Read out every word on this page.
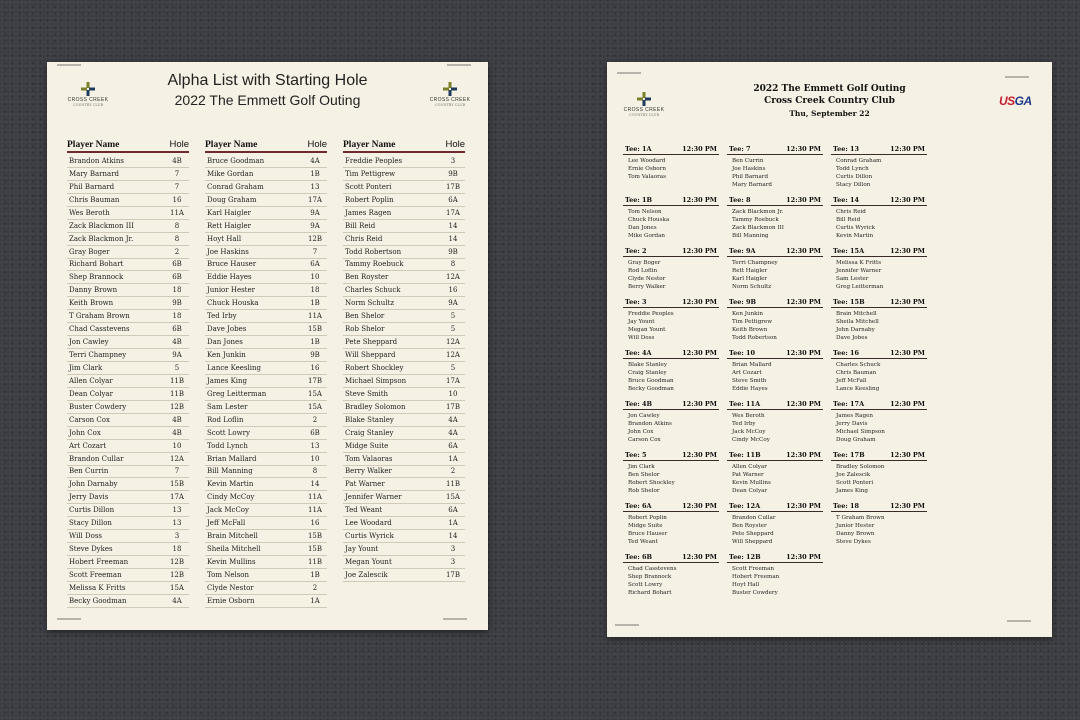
CROSS CREEK
COUNTRY CLUB
CROSS CREEK
COUNTRY CLUB
Alpha List with Starting Hole
2022 The Emmett Golf Outing
Player Name	Hole
Brandon Atkins	4B
Mary Barnard	7
Phil Barnard	7
Chris Bauman	16
Wes Beroth	11A
Zack Blackmon III	8
Zack Blackmon Jr.	8
Gray Boger	2
Richard Bohart	6B
Shep Brannock	6B
Danny Brown	18
Keith Brown	9B
T Graham Brown	18
Chad Casstevens	6B
Jon Cawley	4B
Terri Champney	9A
Jim Clark	5
Allen Colyar	11B
Dean Colyar	11B
Buster Cowdery	12B
Carson Cox	4B
John Cox	4B
Art Cozart	10
Brandon Cullar	12A
Ben Currin	7
John Darnaby	15B
Jerry Davis	17A
Curtis Dillon	13
Stacy Dillon	13
Will Doss	3
Steve Dykes	18
Hobert Freeman	12B
Scott Freeman	12B
Melissa K Fritts	15A
Becky Goodman	4A
Player Name	Hole
Bruce Goodman	4A
Mike Gordan	1B
Conrad Graham	13
Doug Graham	17A
Karl Haigler	9A
Rett Haigler	9A
Hoyt Hall	12B
Joe Haskins	7
Bruce Hauser	6A
Eddie Hayes	10
Junior Hester	18
Chuck Houska	1B
Ted Irby	11A
Dave Jobes	15B
Dan Jones	1B
Ken Junkin	9B
Lance Keesling	16
James King	17B
Greg Leitterman	15A
Sam Lester	15A
Rod Loflin	2
Scott Lowry	6B
Todd Lynch	13
Brian Mallard	10
Bill Manning	8
Kevin Martin	14
Cindy McCoy	11A
Jack McCoy	11A
Jeff McFall	16
Brain Mitchell	15B
Sheila Mitchell	15B
Kevin Mullins	11B
Tom Nelson	1B
Clyde Nestor	2
Ernie Osborn	1A
Player Name	Hole
Freddie Peoples	3
Tim Pettigrew	9B
Scott Ponteri	17B
Robert Poplin	6A
James Ragen	17A
Bill Reid	14
Chris Reid	14
Todd Robertson	9B
Tammy Roebuck	8
Ben Royster	12A
Charles Schuck	16
Norm Schultz	9A
Ben Shelor	5
Rob Shelor	5
Pete Sheppard	12A
Will Sheppard	12A
Robert Shockley	5
Michael Simpson	17A
Steve Smith	10
Bradley Solomon	17B
Blake Stanley	4A
Craig Stanley	4A
Midge Suite	6A
Tom Valaoras	1A
Berry Walker	2
Pat Warner	11B
Jennifer Warner	15A
Ted Weant	6A
Lee Woodard	1A
Curtis Wyrick	14
Jay Yount	3
Megan Yount	3
Joe Zalescik	17B
CROSS CREEK
COUNTRY CLUB
2022 The Emmett Golf Outing
Cross Creek Country Club
Thu, September 22
USGA
Tee: 1A	12:30 PM
Lee Woodard
Ernie Osborn
Tom Valaoras
Tee: 7	12:30 PM
Ben Currin
Joe Haskins
Phil Barnard
Mary Barnard
Tee: 13	12:30 PM
Conrad Graham
Todd Lynch
Curtis Dillon
Stacy Dillon
Tee: 1B	12:30 PM
Tom Nelson
Chuck Houska
Dan Jones
Mike Gordan
Tee: 8	12:30 PM
Zack Blackmon Jr.
Tammy Roebuck
Zack Blackmon III
Bill Manning
Tee: 14	12:30 PM
Chris Reid
Bill Reid
Curtis Wyrick
Kevin Martin
Tee: 2	12:30 PM
Gray Boger
Rod Loflin
Clyde Nestor
Berry Walker
Tee: 9A	12:30 PM
Terri Champney
Rett Haigler
Karl Haigler
Norm Schultz
Tee: 15A	12:30 PM
Melissa K Fritts
Jennifer Warner
Sam Lester
Greg Leitterman
Tee: 3	12:30 PM
Freddie Peoples
Jay Yount
Megan Yount
Will Doss
Tee: 9B	12:30 PM
Ken Junkin
Tim Pettigrew
Keith Brown
Todd Robertson
Tee: 15B	12:30 PM
Brain Mitchell
Sheila Mitchell
John Darnaby
Dave Jobes
Tee: 4A	12:30 PM
Blake Stanley
Craig Stanley
Bruce Goodman
Becky Goodman
Tee: 10	12:30 PM
Brian Mallard
Art Cozart
Steve Smith
Eddie Hayes
Tee: 16	12:30 PM
Charles Schuck
Chris Bauman
Jeff McFall
Lance Keesling
Tee: 4B	12:30 PM
Jon Cawley
Brandon Atkins
John Cox
Carson Cox
Tee: 11A	12:30 PM
Wes Beroth
Ted Irby
Jack McCoy
Cindy McCoy
Tee: 17A	12:30 PM
James Ragen
Jerry Davis
Michael Simpson
Doug Graham
Tee: 5	12:30 PM
Jim Clark
Ben Shelor
Robert Shockley
Rob Shelor
Tee: 11B	12:30 PM
Allen Colyar
Pat Warner
Kevin Mullins
Dean Colyar
Tee: 17B	12:30 PM
Bradley Solomon
Joe Zalescik
Scott Ponteri
James King
Tee: 6A	12:30 PM
Robert Poplin
Midge Suite
Bruce Hauser
Ted Weant
Tee: 12A	12:30 PM
Brandon Cullar
Ben Royster
Pete Sheppard
Will Sheppard
Tee: 18	12:30 PM
T Graham Brown
Junior Hester
Danny Brown
Steve Dykes
Tee: 6B	12:30 PM
Chad Casstevens
Shep Brannock
Scott Lowry
Richard Bohart
Tee: 12B	12:30 PM
Scott Freeman
Hobert Freeman
Hoyt Hall
Buster Cowdery
